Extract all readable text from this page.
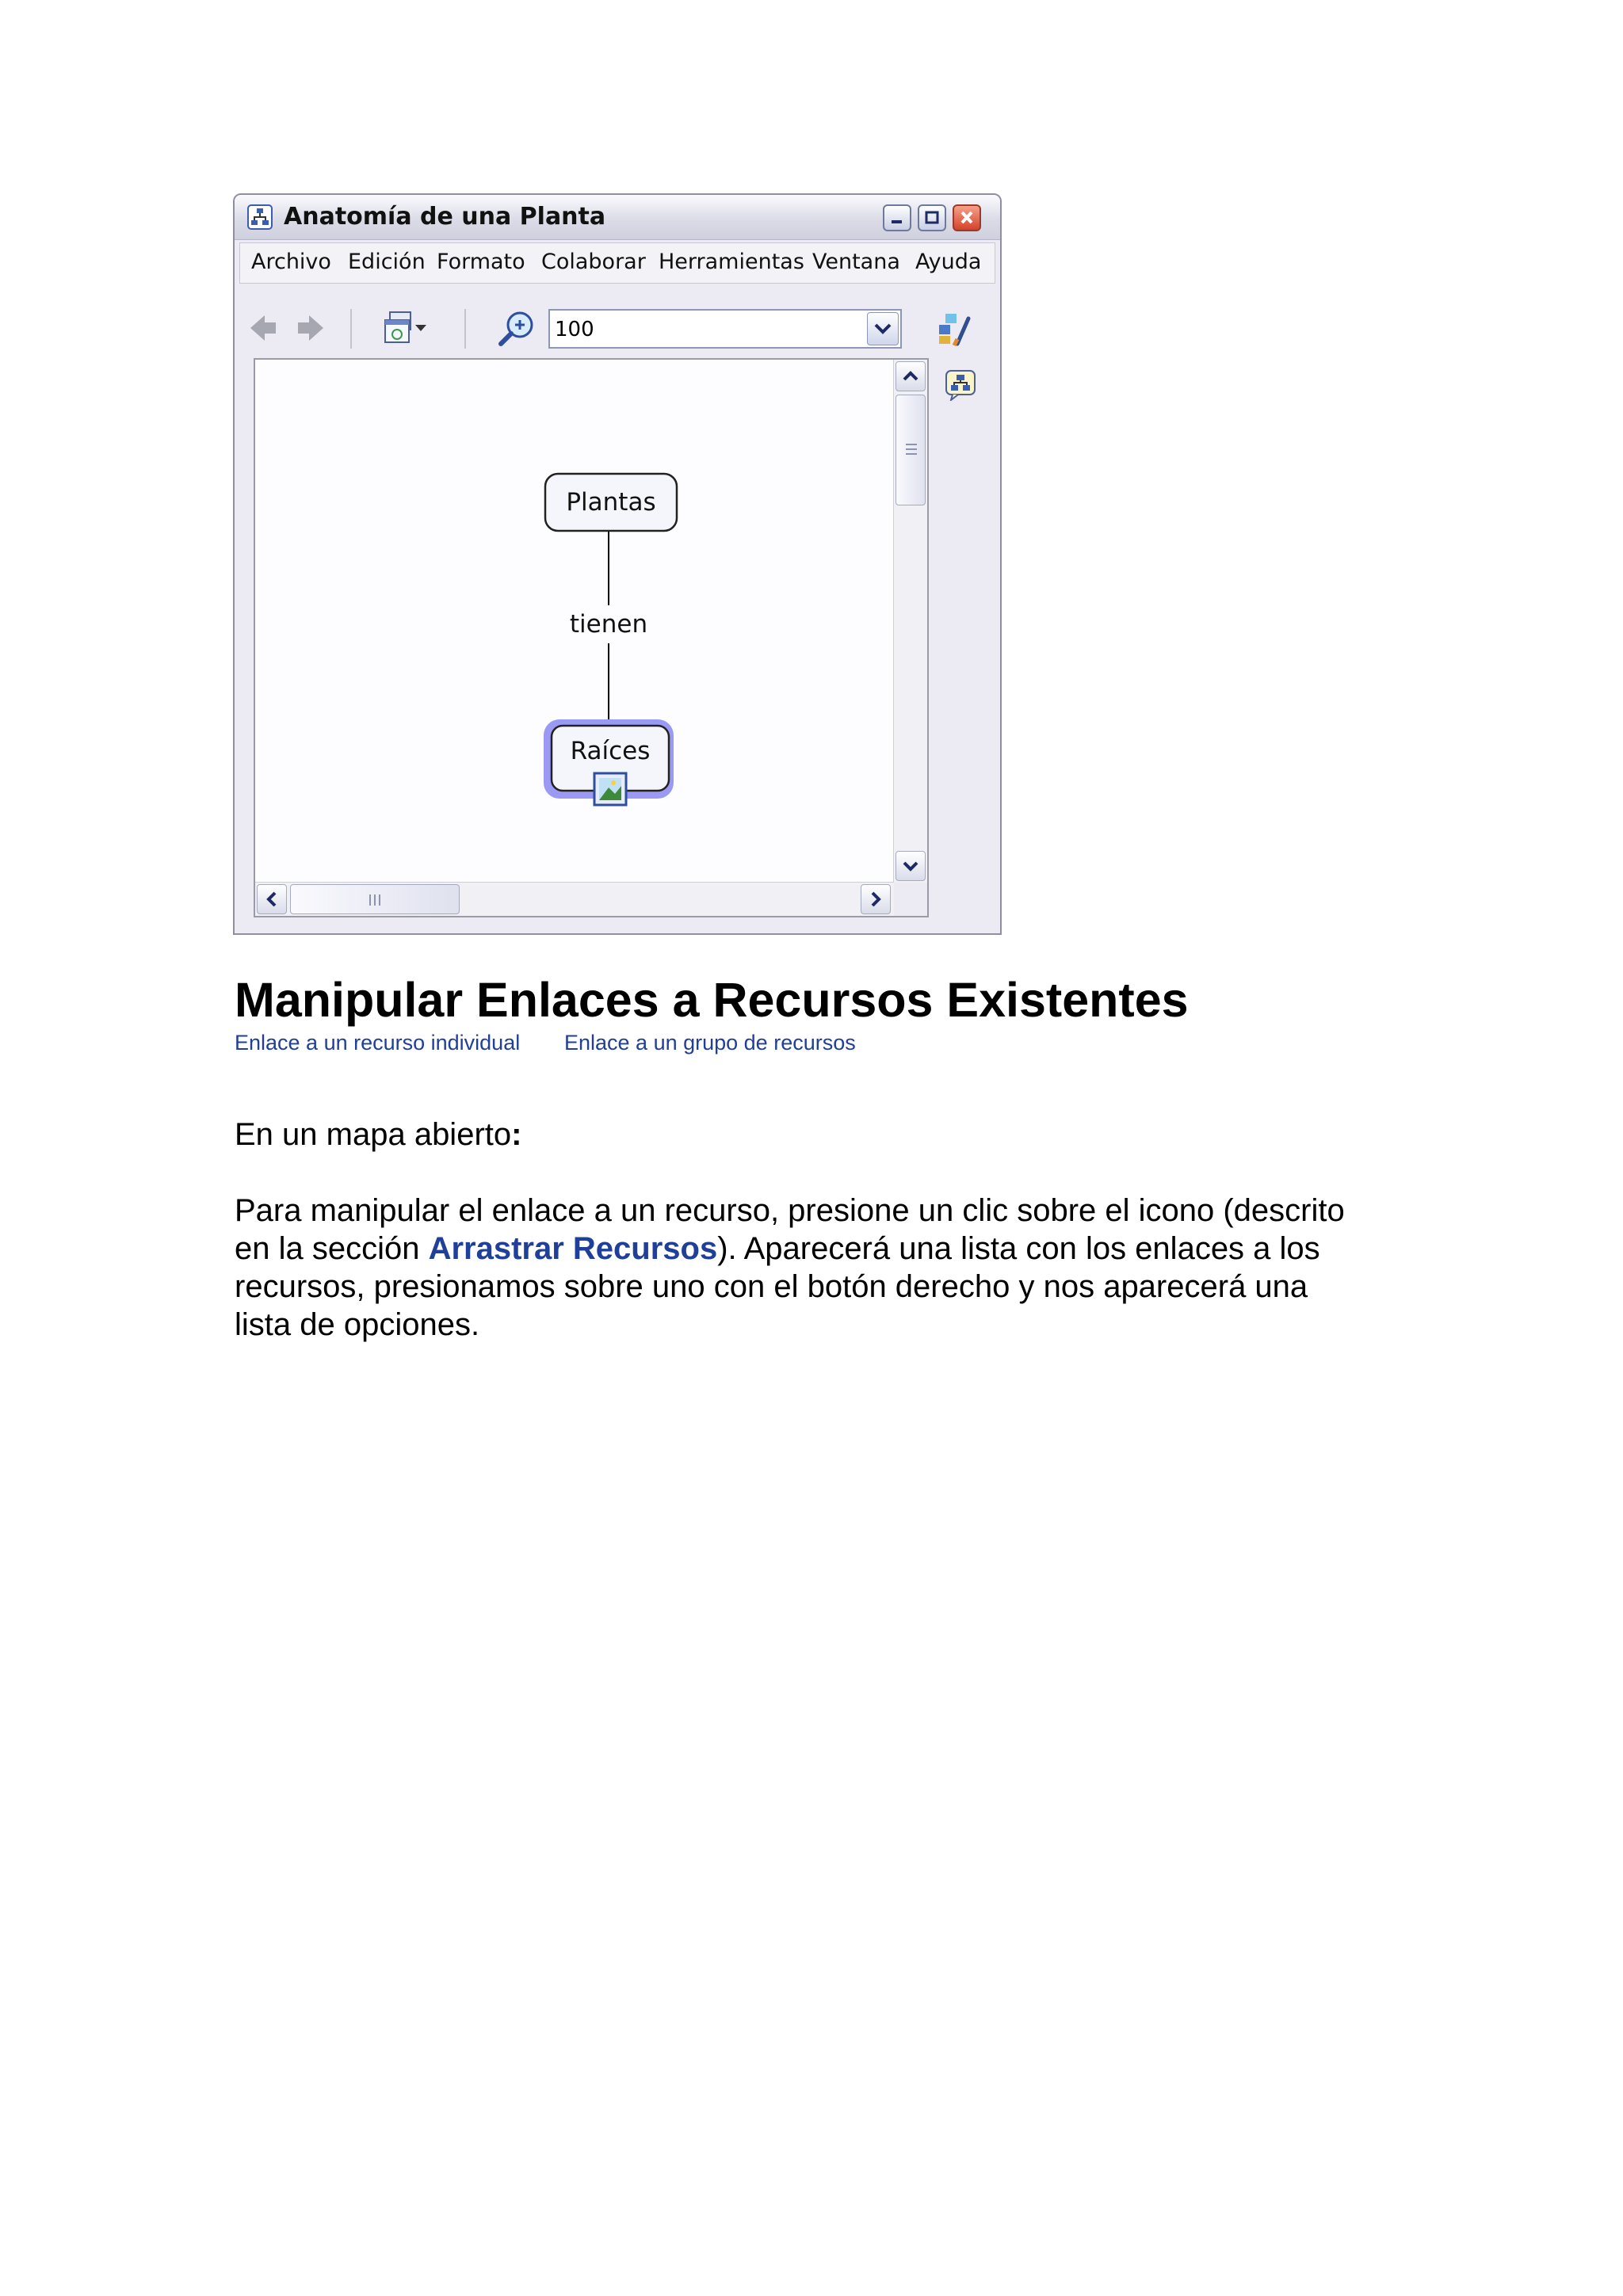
Anatomía de una Planta
Archivo Edición Formato Colaborar Herramientas Ventana Ayuda
100
Plantas
tienen
Raíces
Manipular Enlaces a Recursos Existentes
Enlace a un recurso individual Enlace a un grupo de recursos

En un mapa abierto:

Para manipular el enlace a un recurso, presione un clic sobre el icono (descrito
en la sección Arrastrar Recursos). Aparecerá una lista con los enlaces a los
recursos, presionamos sobre uno con el botón derecho y nos aparecerá una
lista de opciones.
